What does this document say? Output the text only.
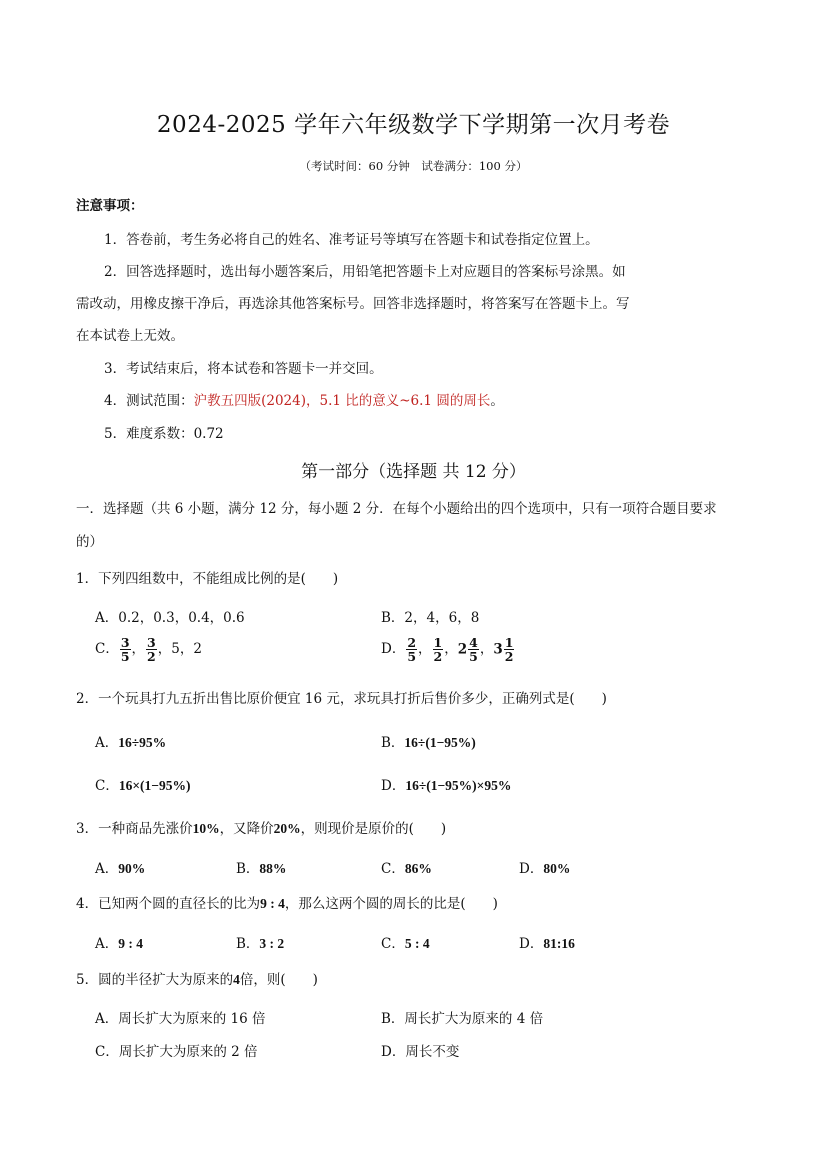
2024-2025 学年六年级数学下学期第一次月考卷
（考试时间：60 分钟　试卷满分：100 分）
注意事项：
1．答卷前，考生务必将自己的姓名、准考证号等填写在答题卡和试卷指定位置上。
2．回答选择题时，选出每小题答案后，用铅笔把答题卡上对应题目的答案标号涂黑。如
需改动，用橡皮擦干净后，再选涂其他答案标号。回答非选择题时，将答案写在答题卡上。写
在本试卷上无效。
3．考试结束后，将本试卷和答题卡一并交回。
4．测试范围：沪教五四版(2024)，5.1 比的意义~6.1 圆的周长。
5．难度系数：0.72
第一部分（选择题 共 12 分）
一．选择题（共 6 小题，满分 12 分，每小题 2 分．在每个小题给出的四个选项中，只有一项符合题目要求
的）
1．下列四组数中，不能组成比例的是(　　)
A．0.2，0.3，0.4，0.6	B．2，4，6，8
C． $\frac{3}{5}$ ， $\frac{3}{2}$ ，5，2	D． $\frac{2}{5}$ ， $\frac{1}{2}$ ，$2 \frac{4}{5}$ ，$3 \frac{1}{2}$
2．一个玩具打九五折出售比原价便宜 16 元，求玩具打折后售价多少，正确列式是(　　)
A．16÷95%	B．16÷(1−95%)
C．16×(1−95%)	D．16÷(1−95%)×95%
3．一种商品先涨价10%，又降价20%，则现价是原价的(　　)
A．90%	B．88%	C．86%	D．80%
4．已知两个圆的直径长的比为9 : 4，那么这两个圆的周长的比是(　　)
A．9 : 4	B．3 : 2	C．5 : 4	D．81:16
5．圆的半径扩大为原来的4倍，则(　　)
A．周长扩大为原来的 16 倍	B．周长扩大为原来的 4 倍
C．周长扩大为原来的 2 倍	D．周长不变
